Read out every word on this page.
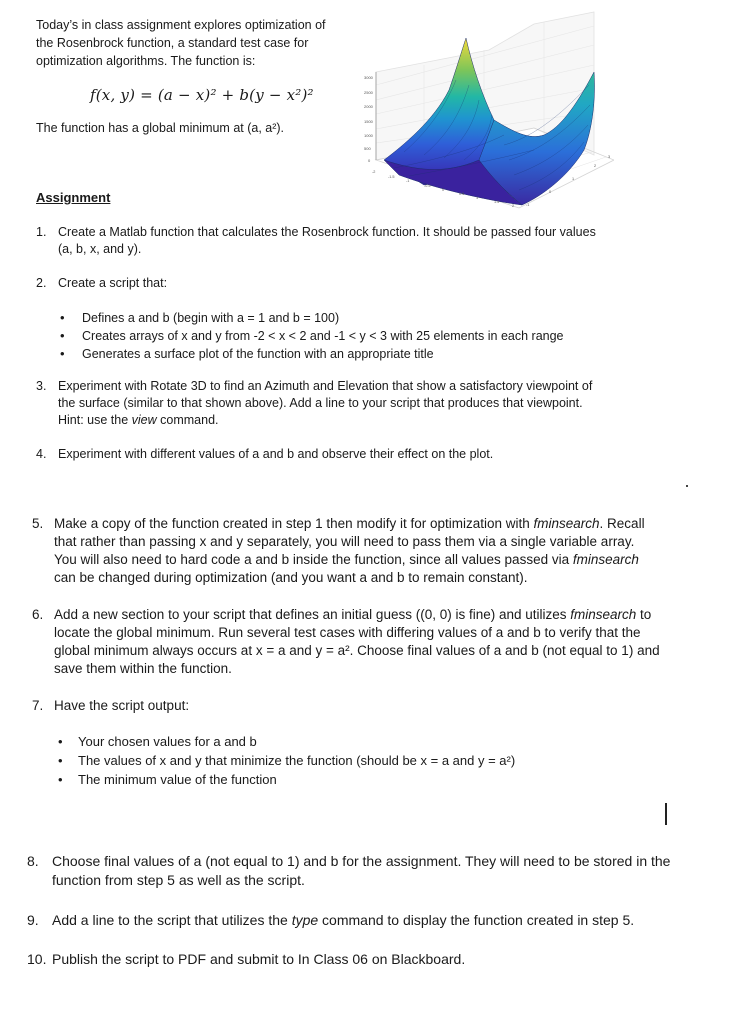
Today’s in class assignment explores optimization of
the Rosenbrock function, a standard test case for
optimization algorithms. The function is:
f(x, y) = (a − x)² + b(y − x²)²
The function has a global minimum at (a, a²).
3000
2500
2000
1500
1000
500
0
-2
-1.5
-1
-0.5
0
0.5
1
1.5
2	-1
0
1
2
3
Assignment
1. Create a Matlab function that calculates the Rosenbrock function. It should be passed four values
(a, b, x, and y).
2. Create a script that:
• Defines a and b (begin with a = 1 and b = 100)
• Creates arrays of x and y from -2 < x < 2 and -1 < y < 3 with 25 elements in each range
• Generates a surface plot of the function with an appropriate title
3. Experiment with Rotate 3D to find an Azimuth and Elevation that show a satisfactory viewpoint of
the surface (similar to that shown above). Add a line to your script that produces that viewpoint.
Hint: use the view command.
4. Experiment with different values of a and b and observe their effect on the plot.
5. Make a copy of the function created in step 1 then modify it for optimization with fminsearch. Recall
that rather than passing x and y separately, you will need to pass them via a single variable array.
You will also need to hard code a and b inside the function, since all values passed via fminsearch
can be changed during optimization (and you want a and b to remain constant).
6. Add a new section to your script that defines an initial guess ((0, 0) is fine) and utilizes fminsearch to
locate the global minimum. Run several test cases with differing values of a and b to verify that the
global minimum always occurs at x = a and y = a². Choose final values of a and b (not equal to 1) and
save them within the function.
7. Have the script output:
• Your chosen values for a and b
• The values of x and y that minimize the function (should be x = a and y = a²)
• The minimum value of the function
8. Choose final values of a (not equal to 1) and b for the assignment. They will need to be stored in the
function from step 5 as well as the script.
9. Add a line to the script that utilizes the type command to display the function created in step 5.
10. Publish the script to PDF and submit to In Class 06 on Blackboard.
